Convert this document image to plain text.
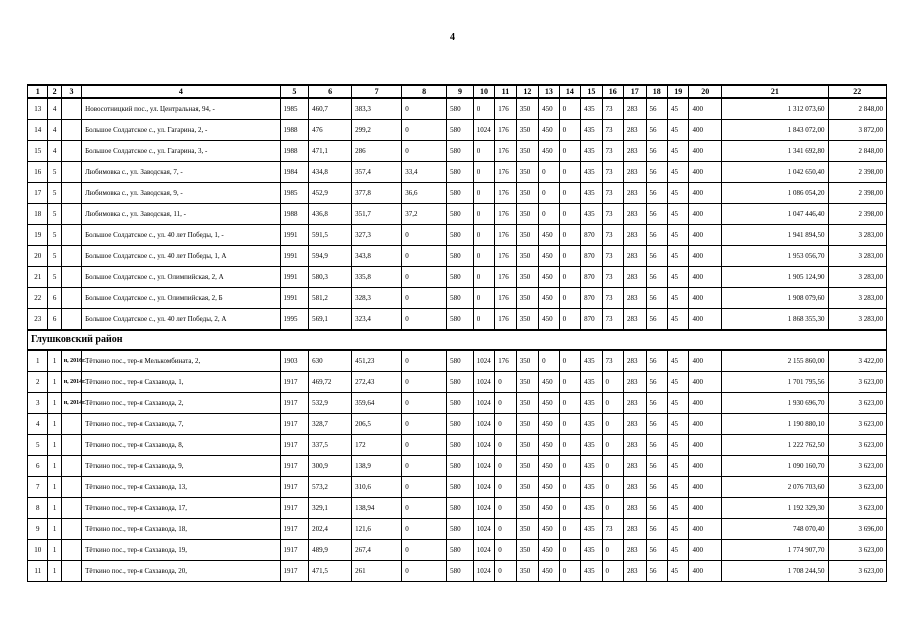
4
1	2	3	4	5	6	7	8	9	10	11	12	13	14	15	16	17	18	19	20	21	22
13	4		Новосотницкий пос., ул. Центральная, 94, -	1985	460,7	383,3	0	580	0	176	350	450	0	435	73	283	56	45	400	1 312 073,60	2 848,00
14	4		Большое Солдатское с., ул. Гагарина, 2, -	1988	476	299,2	0	580	1024	176	350	450	0	435	73	283	56	45	400	1 843 072,00	3 872,00
15	4		Большое Солдатское с., ул. Гагарина, 3, -	1988	471,1	286	0	580	0	176	350	450	0	435	73	283	56	45	400	1 341 692,80	2 848,00
16	5		Любимовка с., ул. Заводская, 7, -	1984	434,8	357,4	33,4	580	0	176	350	0	0	435	73	283	56	45	400	1 042 650,40	2 398,00
17	5		Любимовка с., ул. Заводская, 9, -	1985	452,9	377,8	36,6	580	0	176	350	0	0	435	73	283	56	45	400	1 086 054,20	2 398,00
18	5		Любимовка с., ул. Заводская, 11, -	1988	436,8	351,7	37,2	580	0	176	350	0	0	435	73	283	56	45	400	1 047 446,40	2 398,00
19	5		Большое Солдатское с., ул. 40 лет Победы, 1, -	1991	591,5	327,3	0	580	0	176	350	450	0	870	73	283	56	45	400	1 941 894,50	3 283,00
20	5		Большое Солдатское с., ул. 40 лет Победы, 1, А	1991	594,9	343,8	0	580	0	176	350	450	0	870	73	283	56	45	400	1 953 056,70	3 283,00
21	5		Большое Солдатское с., ул. Олимпийская, 2, А	1991	580,3	335,8	0	580	0	176	350	450	0	870	73	283	56	45	400	1 905 124,90	3 283,00
22	6		Большое Солдатское с., ул. Олимпийская, 2, Б	1991	581,2	328,3	0	580	0	176	350	450	0	870	73	283	56	45	400	1 908 079,60	3 283,00
23	6		Большое Солдатское с., ул. 40 лет Победы, 2, А	1995	569,1	323,4	0	580	0	176	350	450	0	870	73	283	56	45	400	1 868 355,30	3 283,00
Глушковский район																					
1	1	н, 2016г.	Тёткино пос., тер-я Мелькомбината, 2,	1903	630	451,23	0	580	1024	176	350	0	0	435	73	283	56	45	400	2 155 860,00	3 422,00
2	1	н, 2014г.	Тёткино пос., тер-я Сахзавода, 1,	1917	469,72	272,43	0	580	1024	0	350	450	0	435	0	283	56	45	400	1 701 795,56	3 623,00
3	1	н, 2014г.	Тёткино пос., тер-я Сахзавода, 2,	1917	532,9	359,64	0	580	1024	0	350	450	0	435	0	283	56	45	400	1 930 696,70	3 623,00
4	1		Тёткино пос., тер-я Сахзавода, 7,	1917	328,7	206,5	0	580	1024	0	350	450	0	435	0	283	56	45	400	1 190 880,10	3 623,00
5	1		Тёткино пос., тер-я Сахзавода, 8,	1917	337,5	172	0	580	1024	0	350	450	0	435	0	283	56	45	400	1 222 762,50	3 623,00
6	1		Тёткино пос., тер-я Сахзавода, 9,	1917	300,9	138,9	0	580	1024	0	350	450	0	435	0	283	56	45	400	1 090 160,70	3 623,00
7	1		Тёткино пос., тер-я Сахзавода, 13,	1917	573,2	310,6	0	580	1024	0	350	450	0	435	0	283	56	45	400	2 076 703,60	3 623,00
8	1		Тёткино пос., тер-я Сахзавода, 17,	1917	329,1	138,94	0	580	1024	0	350	450	0	435	0	283	56	45	400	1 192 329,30	3 623,00
9	1		Тёткино пос., тер-я Сахзавода, 18,	1917	202,4	121,6	0	580	1024	0	350	450	0	435	73	283	56	45	400	748 070,40	3 696,00
10	1		Тёткино пос., тер-я Сахзавода, 19,	1917	489,9	267,4	0	580	1024	0	350	450	0	435	0	283	56	45	400	1 774 907,70	3 623,00
11	1		Тёткино пос., тер-я Сахзавода, 20,	1917	471,5	261	0	580	1024	0	350	450	0	435	0	283	56	45	400	1 708 244,50	3 623,00
